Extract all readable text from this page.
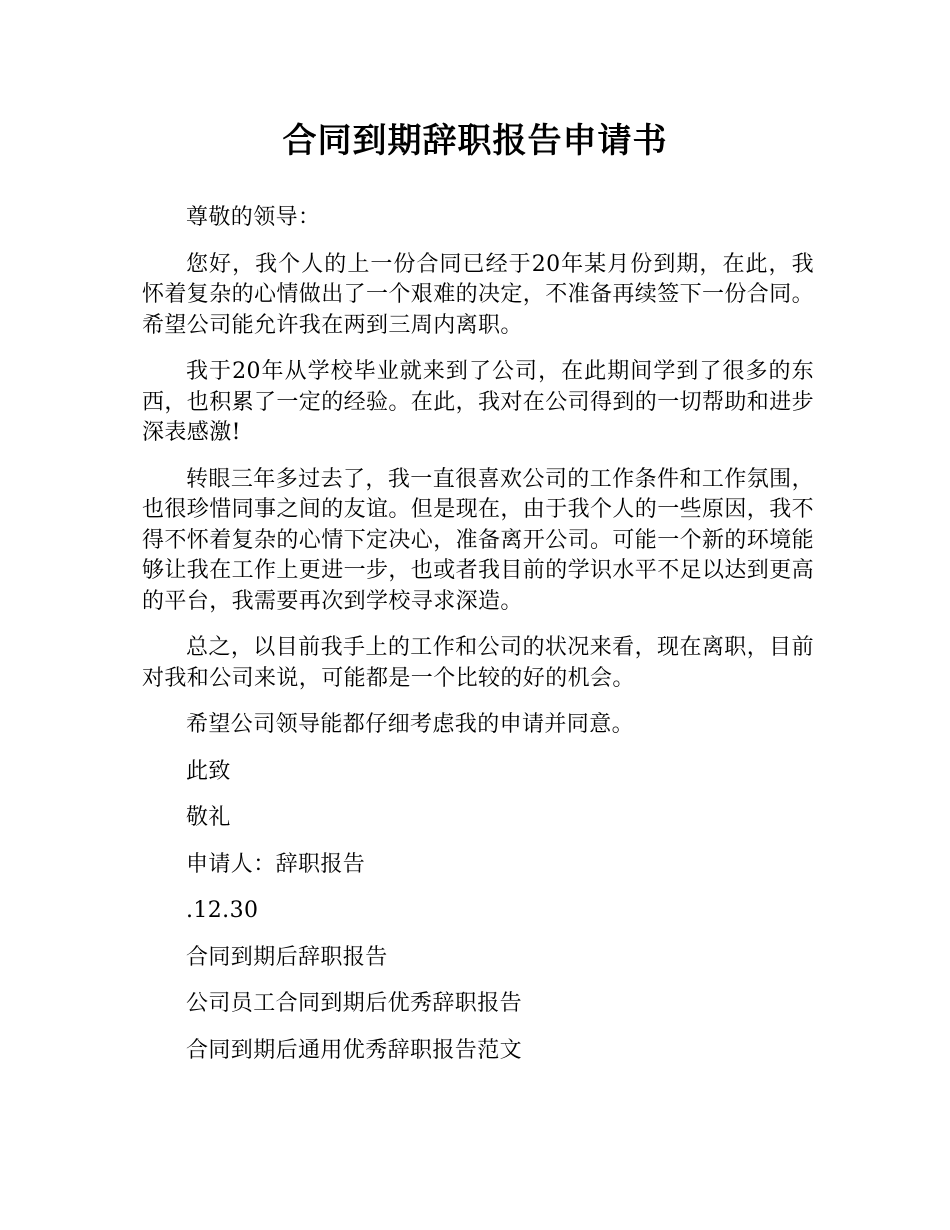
合同到期辞职报告申请书

尊敬的领导：

您好，我个人的上一份合同已经于20年某月份到期，在此，我怀着复杂的心情做出了一个艰难的决定，不准备再续签下一份合同。希望公司能允许我在两到三周内离职。

我于20年从学校毕业就来到了公司，在此期间学到了很多的东西，也积累了一定的经验。在此，我对在公司得到的一切帮助和进步深表感激!

转眼三年多过去了，我一直很喜欢公司的工作条件和工作氛围，也很珍惜同事之间的友谊。但是现在，由于我个人的一些原因，我不得不怀着复杂的心情下定决心，准备离开公司。可能一个新的环境能够让我在工作上更进一步，也或者我目前的学识水平不足以达到更高的平台，我需要再次到学校寻求深造。

总之，以目前我手上的工作和公司的状况来看，现在离职，目前对我和公司来说，可能都是一个比较的好的机会。

希望公司领导能都仔细考虑我的申请并同意。

此致

敬礼

申请人：辞职报告

.12.30

合同到期后辞职报告

公司员工合同到期后优秀辞职报告

合同到期后通用优秀辞职报告范文
